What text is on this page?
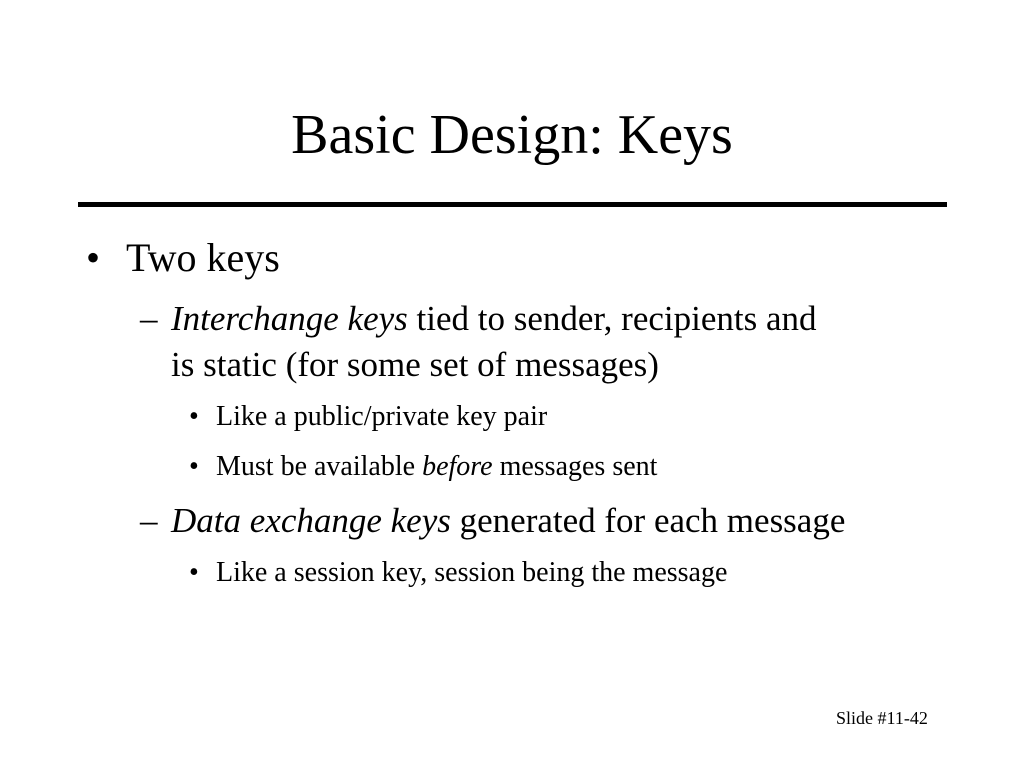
Basic Design: Keys
• Two keys
– Interchange keys tied to sender, recipients and
is static (for some set of messages)
• Like a public/private key pair
• Must be available before messages sent
– Data exchange keys generated for each message
• Like a session key, session being the message
Slide #11-42
